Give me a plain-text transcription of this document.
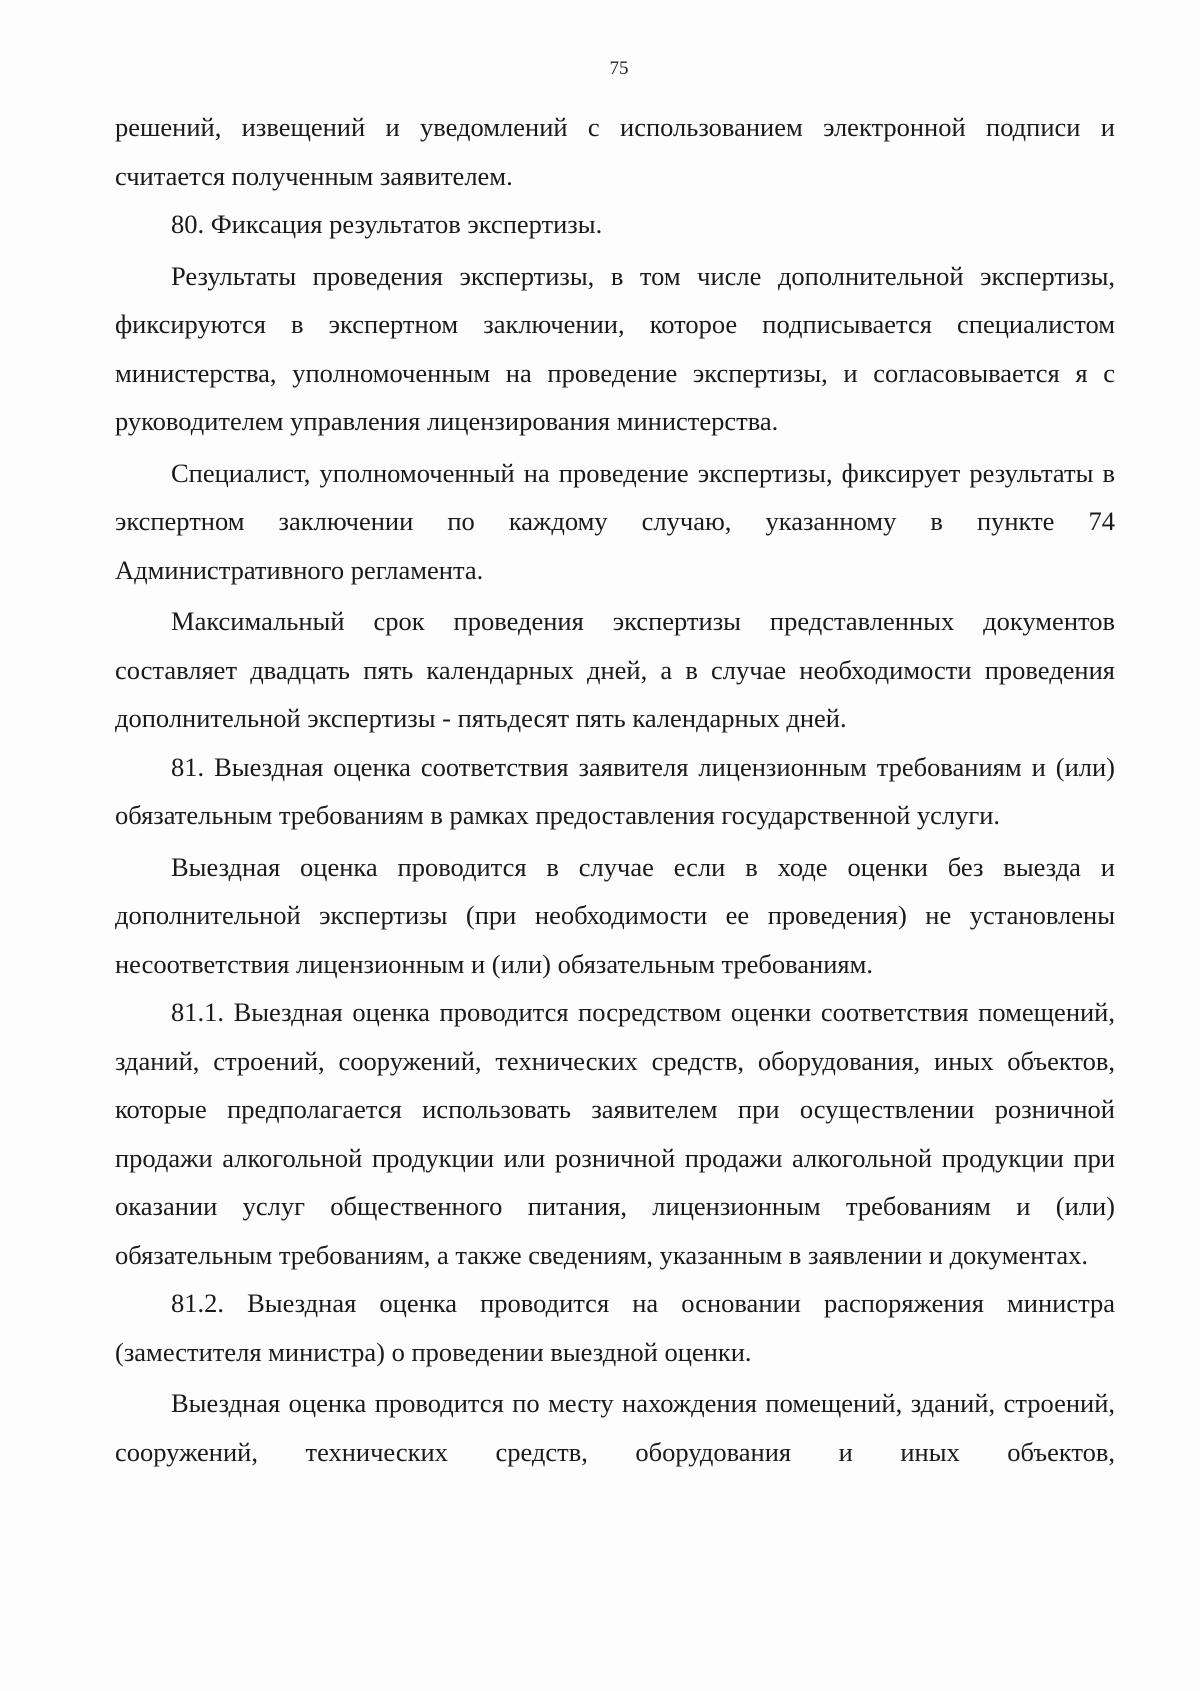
75

решений, извещений и уведомлений с использованием электронной подписи и считается полученным заявителем.

80. Фиксация результатов экспертизы.

Результаты проведения экспертизы, в том числе дополнительной экспертизы, фиксируются в экспертном заключении, которое подписывается специалистом министерства, уполномоченным на проведение экспертизы, и согласовывается я с руководителем управления лицензирования министерства.

Специалист, уполномоченный на проведение экспертизы, фиксирует результаты в экспертном заключении по каждому случаю, указанному в пункте 74 Административного регламента.

Максимальный срок проведения экспертизы представленных документов составляет двадцать пять календарных дней, а в случае необходимости проведения дополнительной экспертизы - пятьдесят пять календарных дней.

81. Выездная оценка соответствия заявителя лицензионным требованиям и (или) обязательным требованиям в рамках предоставления государственной услуги.

Выездная оценка проводится в случае если в ходе оценки без выезда и дополнительной экспертизы (при необходимости ее проведения) не установлены несоответствия лицензионным и (или) обязательным требованиям.

81.1. Выездная оценка проводится посредством оценки соответствия помещений, зданий, строений, сооружений, технических средств, оборудования, иных объектов, которые предполагается использовать заявителем при осуществлении розничной продажи алкогольной продукции или розничной продажи алкогольной продукции при оказании услуг общественного питания, лицензионным требованиям и (или) обязательным требованиям, а также сведениям, указанным в заявлении и документах.

81.2. Выездная оценка проводится на основании распоряжения министра (заместителя министра) о проведении выездной оценки.

Выездная оценка проводится по месту нахождения помещений, зданий, строений, сооружений, технических средств, оборудования и иных объектов,
